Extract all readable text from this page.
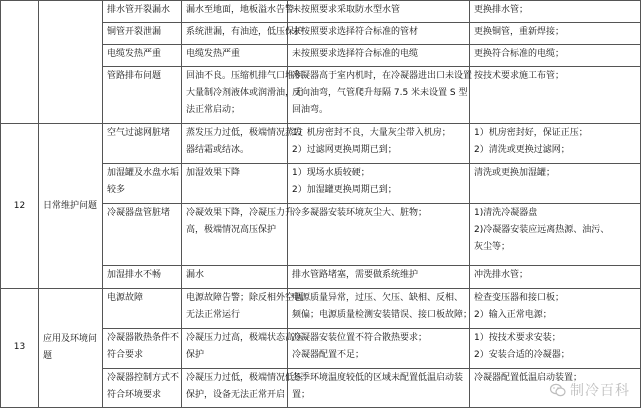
		排水管开裂漏水	漏水至地面，地板溢水告警	未按照要求采取防水型水管	更换排水管；

		铜管开裂泄漏	系统泄漏，有油迹，低压保护	未按照要求选择符合标准的管材	更换铜管，重新焊接；

		电缆发热严重	电缆发热严重	未按照要求选择符合标准的电缆	更换符合标准的电缆；

		管路排布问题	回油不良。压缩机排气口堆积
大量制冷剂液体或润滑油，无
法正常启动；	冷凝器高于室内机时，在冷凝器进出口未设置
反向油弯，气管爬升每隔 7.5 米未设置 S 型
回油弯。	按技术要求施工布管；

12	日常维护问题	空气过滤网脏堵	蒸发压力过低，极端情况蒸发
器结霜或结冰。	1）机房密封不良，大量灰尘带入机房；
2）过滤网更换周期已到；	1）机房密封好，保证正压；
2）清洗或更换过滤网；

		加湿罐及水盘水垢
较多	加湿效果下降	1）现场水质较硬；
2）加湿罐更换周期已到；	清洗或更换加湿罐；

		冷凝器盘管脏堵	冷凝效果下降，冷凝压力升
高，极端情况高压保护	冷多凝器安装环境灰尘大、脏物；	1)清洗冷凝器盘
2)冷凝器安装应远离热源、油污、
灰尘等；

		加湿排水不畅	漏水	排水管路堵塞，需要做系统维护	冲洗排水管；

13	应用及环境问题	电源故障	电源故障告警；除反相外空调
无法正常运行	电源质量异常，过压、欠压、缺相、反相、
频偏；电源质量检测安装错误、接口板故障；	检查变压器和接口板；
2）输入正常电源；

		冷凝器散热条件不
符合要求	冷凝压力过高，极端状态高压
保护	冷凝器安装位置不符合散热要求；
冷凝器配置不足；	1）按技术要求安装；
2）安装合适的冷凝器；

		冷凝器控制方式不
符合环境要求	冷凝压力过低，极端情况低压
保护，设备无法正常开启	冬季环境温度较低的区域未配置低温启动装
置；	冷凝器配置低温启动装置；
制冷百科
